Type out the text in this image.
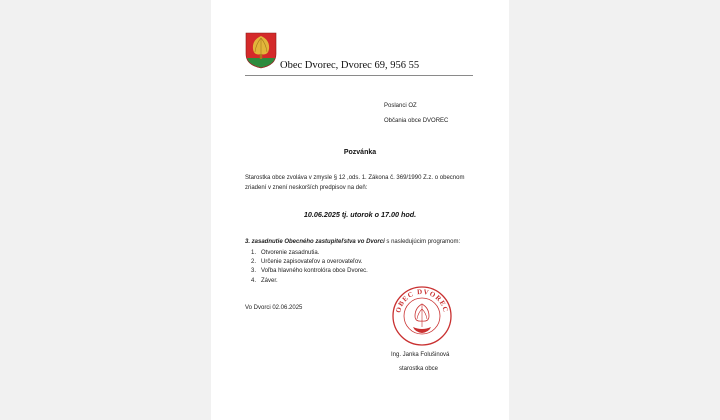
Obec Dvorec, Dvorec 69, 956 55
Poslanci OZ
Občania obce DVOREC
Pozvánka
Starostka obce zvoláva v zmysle § 12 ,ods. 1. Zákona č. 369/1990 Z.z. o obecnom
zriadení v znení neskorších predpisov na deň:
10.06.2025 tj. utorok o 17.00 hod.
3. zasadnutie Obecného zastupiteľstva vo Dvorci s nasledujúcim programom:
1. Otvorenie zasadnutia.
2. Určenie zapisovateľov a overovateľov.
3. Voľba hlavného kontrolóra obce Dvorec.
4. Záver.
Vo Dvorci 02.06.2025	OBEC DVOREC
Ing. Janka Folušinová
starostka obce
